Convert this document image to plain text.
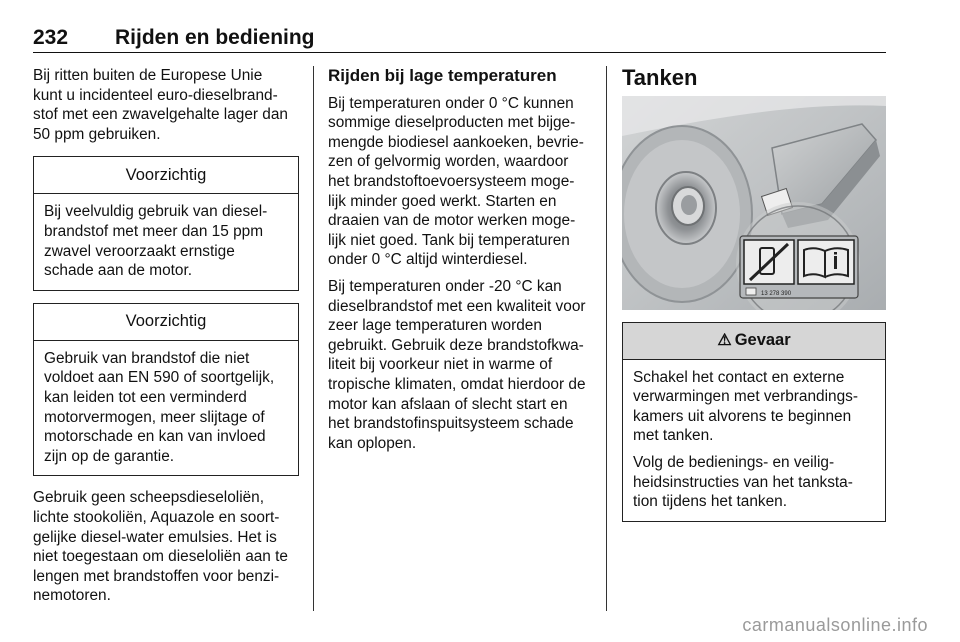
232 Rijden en bediening

Bij ritten buiten de Europese Unie
kunt u incidenteel euro-dieselbrand-
stof met een zwavelgehalte lager dan
50 ppm gebruiken.

Voorzichtig

Bij veelvuldig gebruik van diesel-
brandstof met meer dan 15 ppm
zwavel veroorzaakt ernstige
schade aan de motor.

Voorzichtig

Gebruik van brandstof die niet
voldoet aan EN 590 of soortgelijk,
kan leiden tot een verminderd
motorvermogen, meer slijtage of
motorschade en kan van invloed
zijn op de garantie.

Gebruik geen scheepsdieseloliën,
lichte stookoliën, Aquazole en soort-
gelijke diesel-water emulsies. Het is
niet toegestaan om dieseloliën aan te
lengen met brandstoffen voor benzi-
nemotoren.

Rijden bij lage temperaturen

Bij temperaturen onder 0 °C kunnen
sommige dieselproducten met bijge-
mengde biodiesel aankoeken, bevrie-
zen of gelvormig worden, waardoor
het brandstoftoevoersysteem moge-
lijk minder goed werkt. Starten en
draaien van de motor werken moge-
lijk niet goed. Tank bij temperaturen
onder 0 °C altijd winterdiesel.

Bij temperaturen onder -20 °C kan
dieselbrandstof met een kwaliteit voor
zeer lage temperaturen worden
gebruikt. Gebruik deze brandstofkwa-
liteit bij voorkeur niet in warme of
tropische klimaten, omdat hierdoor de
motor kan afslaan of slecht start en
het brandstofinspuitsysteem schade
kan oplopen.

Tanken
13 278 390
⚠ Gevaar

Schakel het contact en externe
verwarmingen met verbrandings-
kamers uit alvorens te beginnen
met tanken.

Volg de bedienings- en veilig-
heidsinstructies van het tanksta-
tion tijdens het tanken.

carmanualsonline.info
